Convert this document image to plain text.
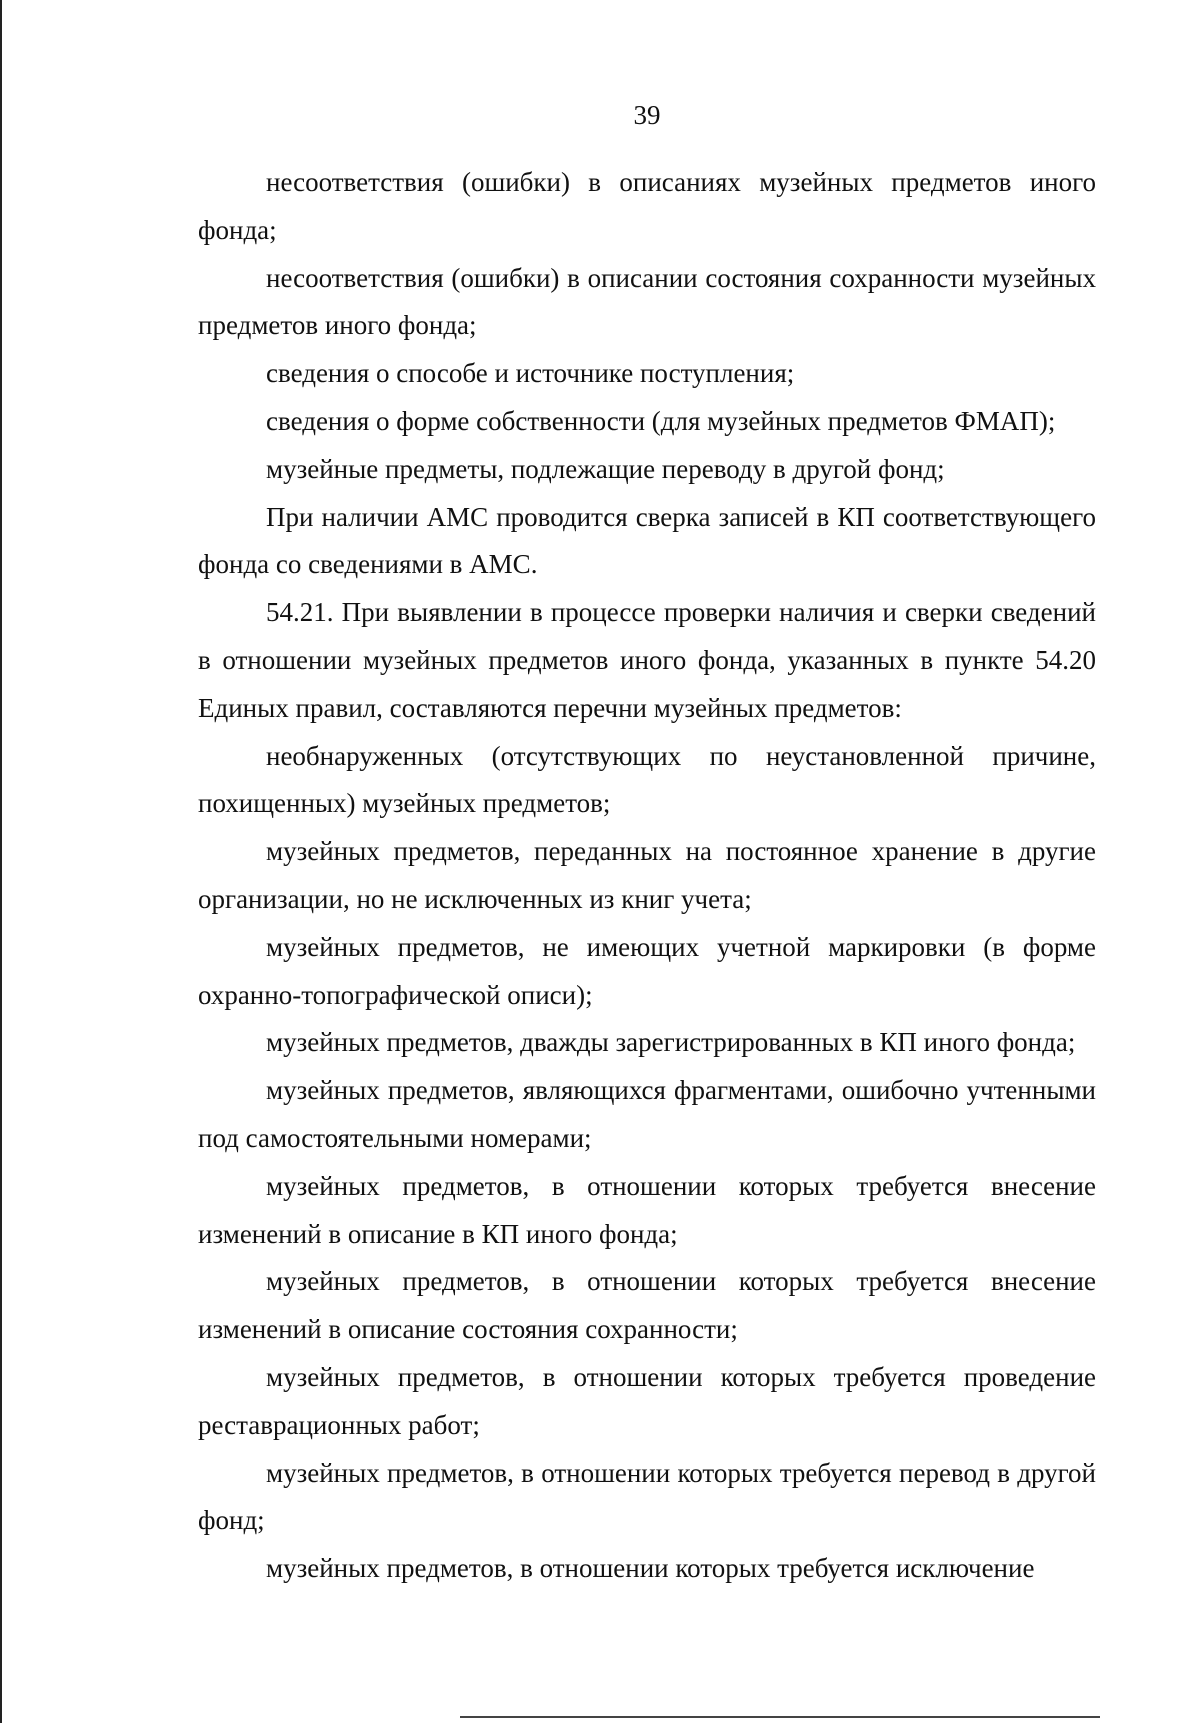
39

несоответствия (ошибки) в описаниях музейных предметов иного фонда;

несоответствия (ошибки) в описании состояния сохранности музейных предметов иного фонда;

сведения о способе и источнике поступления;

сведения о форме собственности (для музейных предметов ФМАП);

музейные предметы, подлежащие переводу в другой фонд;

При наличии АМС проводится сверка записей в КП соответствующего фонда со сведениями в АМС.

54.21. При выявлении в процессе проверки наличия и сверки сведений в отношении музейных предметов иного фонда, указанных в пункте 54.20 Единых правил, составляются перечни музейных предметов:

необнаруженных (отсутствующих по неустановленной причине, похищенных) музейных предметов;

музейных предметов, переданных на постоянное хранение в другие организации, но не исключенных из книг учета;

музейных предметов, не имеющих учетной маркировки (в форме охранно-топографической описи);

музейных предметов, дважды зарегистрированных в КП иного фонда;

музейных предметов, являющихся фрагментами, ошибочно учтенными под самостоятельными номерами;

музейных предметов, в отношении которых требуется внесение изменений в описание в КП иного фонда;

музейных предметов, в отношении которых требуется внесение изменений в описание состояния сохранности;

музейных предметов, в отношении которых требуется проведение реставрационных работ;

музейных предметов, в отношении которых требуется перевод в другой фонд;

музейных предметов, в отношении которых требуется исключение
